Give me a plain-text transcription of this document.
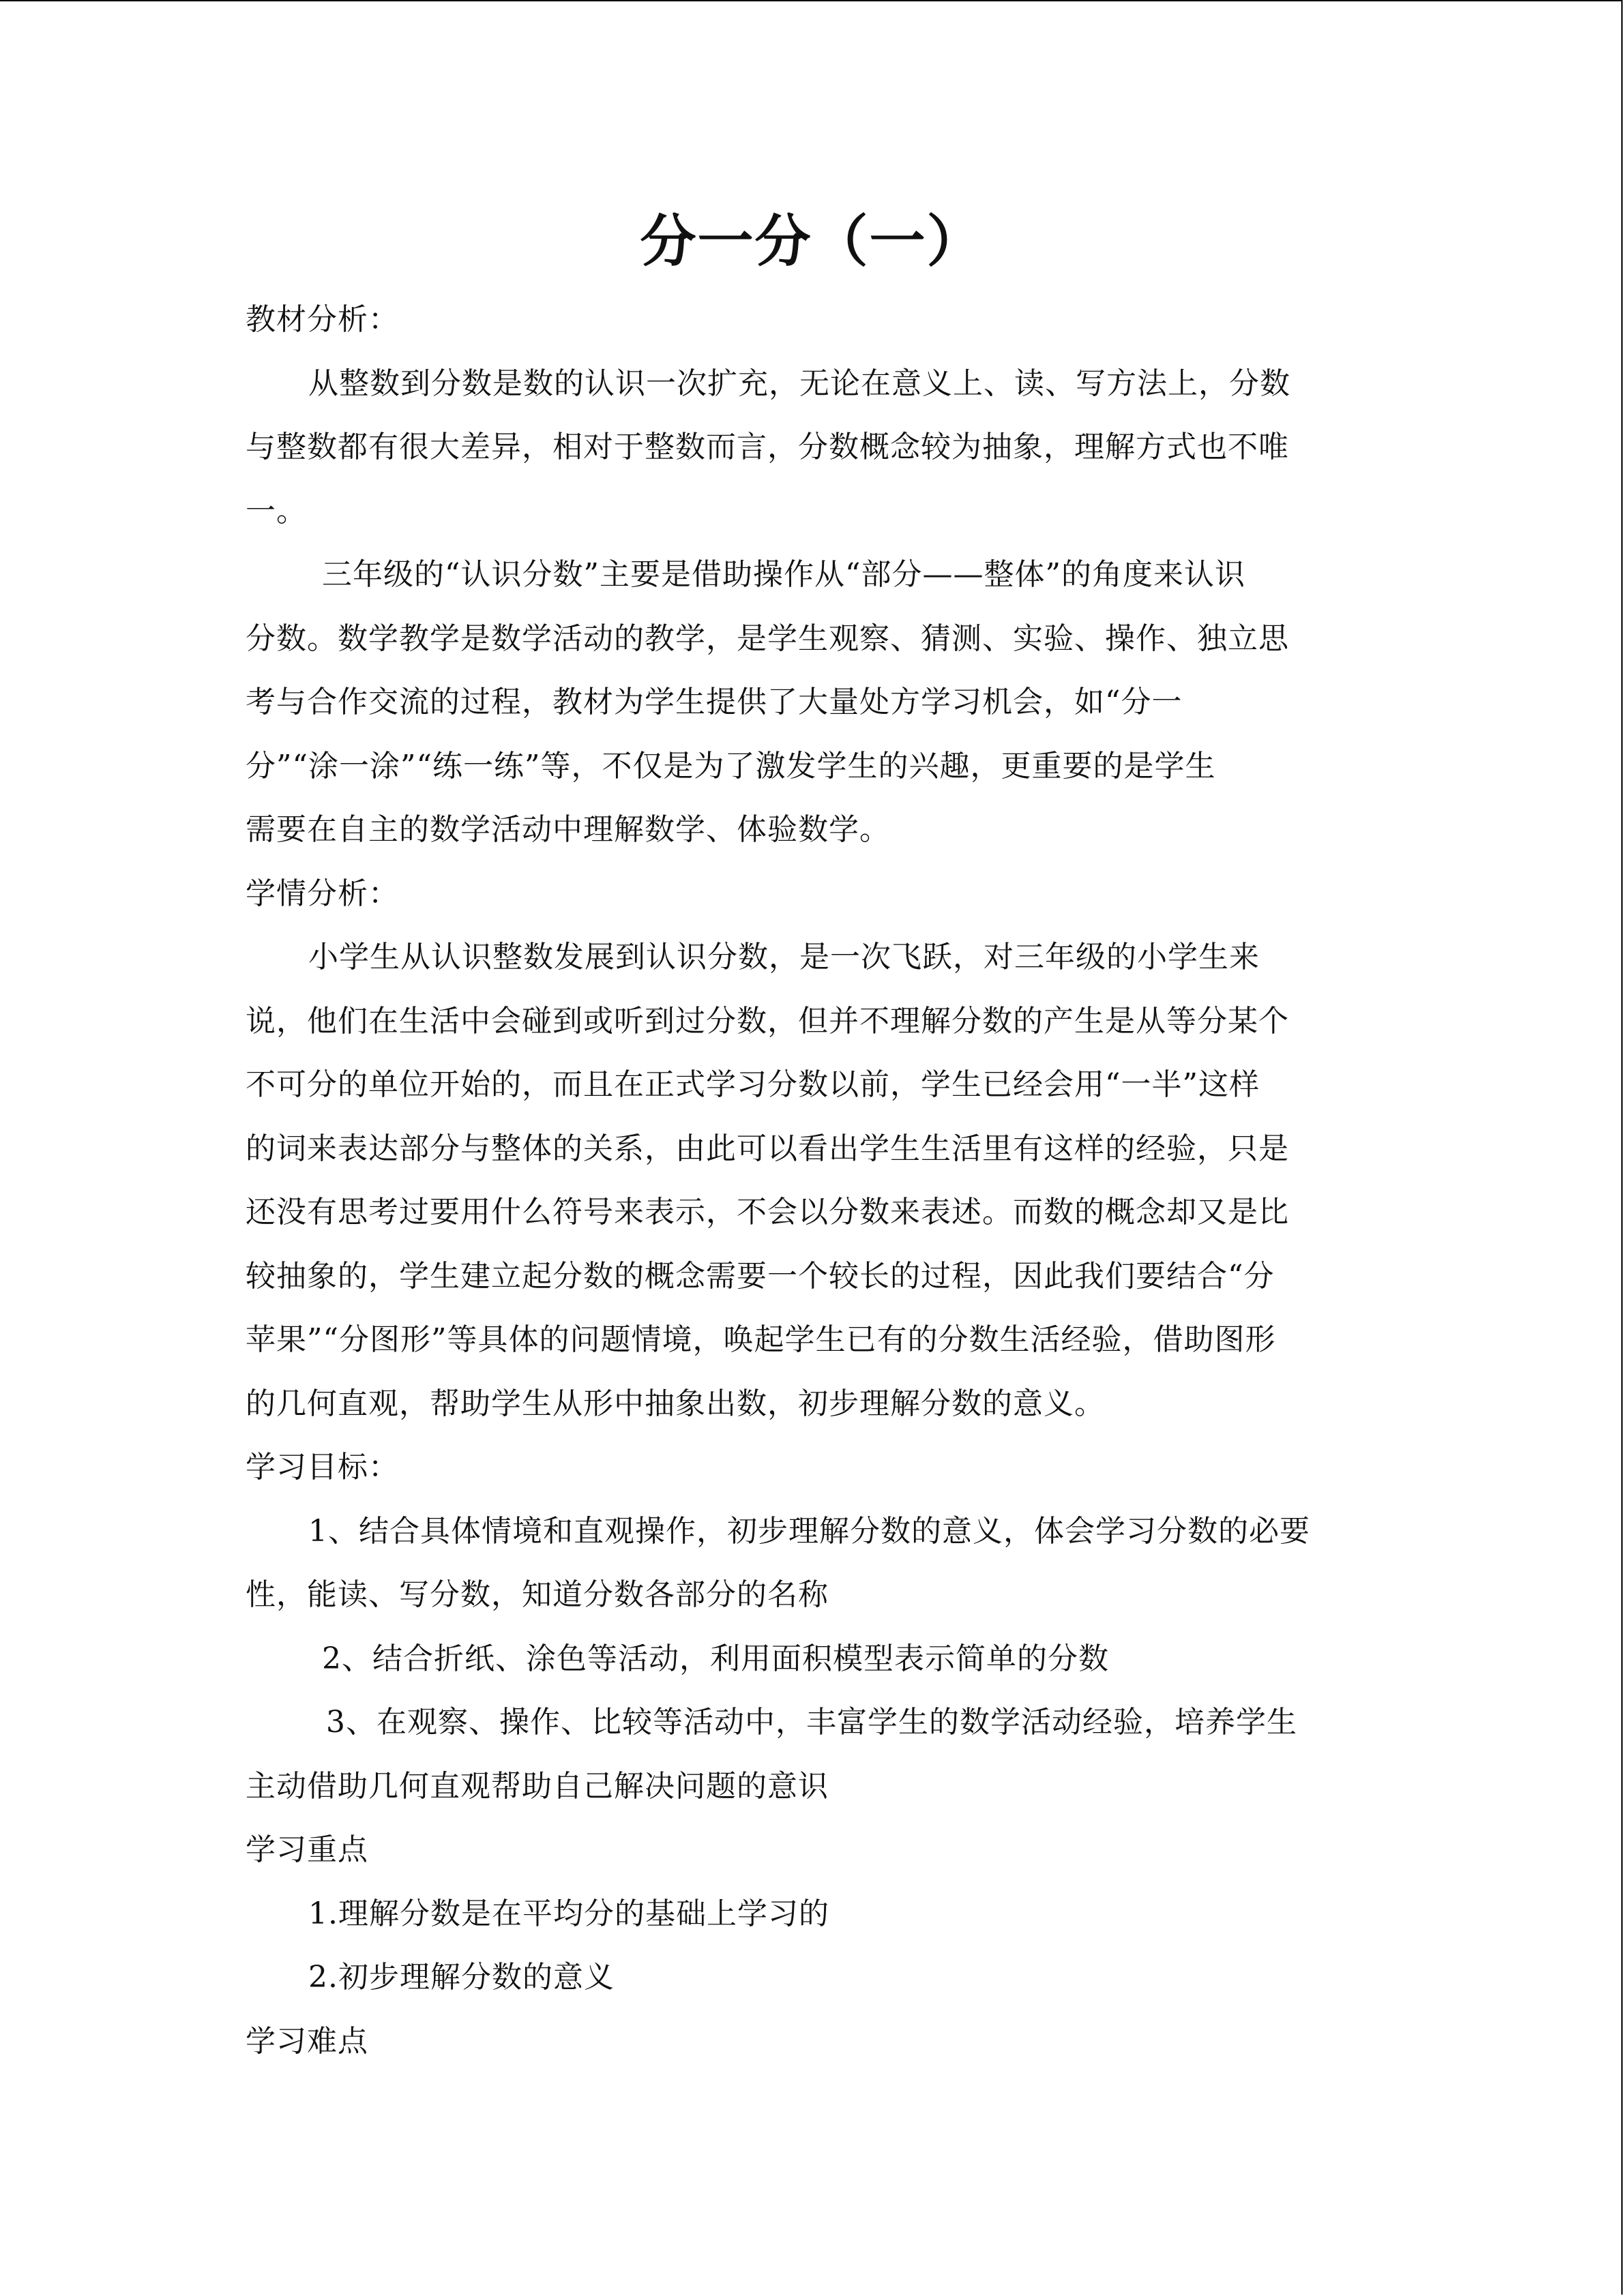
分一分（一）
教材分析：
从整数到分数是数的认识一次扩充，无论在意义上、读、写方法上，分数
与整数都有很大差异，相对于整数而言，分数概念较为抽象，理解方式也不唯
一。
三年级的“认识分数”主要是借助操作从“部分——整体”的角度来认识
分数。数学教学是数学活动的教学，是学生观察、猜测、实验、操作、独立思
考与合作交流的过程，教材为学生提供了大量处方学习机会，如“分一
分”“涂一涂”“练一练”等，不仅是为了激发学生的兴趣，更重要的是学生
需要在自主的数学活动中理解数学、体验数学。
学情分析：
小学生从认识整数发展到认识分数，是一次飞跃，对三年级的小学生来
说，他们在生活中会碰到或听到过分数，但并不理解分数的产生是从等分某个
不可分的单位开始的，而且在正式学习分数以前，学生已经会用“一半”这样
的词来表达部分与整体的关系，由此可以看出学生生活里有这样的经验，只是
还没有思考过要用什么符号来表示，不会以分数来表述。而数的概念却又是比
较抽象的，学生建立起分数的概念需要一个较长的过程，因此我们要结合“分
苹果”“分图形”等具体的问题情境，唤起学生已有的分数生活经验，借助图形
的几何直观，帮助学生从形中抽象出数，初步理解分数的意义。
学习目标：
1、结合具体情境和直观操作，初步理解分数的意义，体会学习分数的必要
性，能读、写分数，知道分数各部分的名称
2、结合折纸、涂色等活动，利用面积模型表示简单的分数
3、在观察、操作、比较等活动中，丰富学生的数学活动经验，培养学生
主动借助几何直观帮助自己解决问题的意识
学习重点
1.理解分数是在平均分的基础上学习的
2.初步理解分数的意义
学习难点
